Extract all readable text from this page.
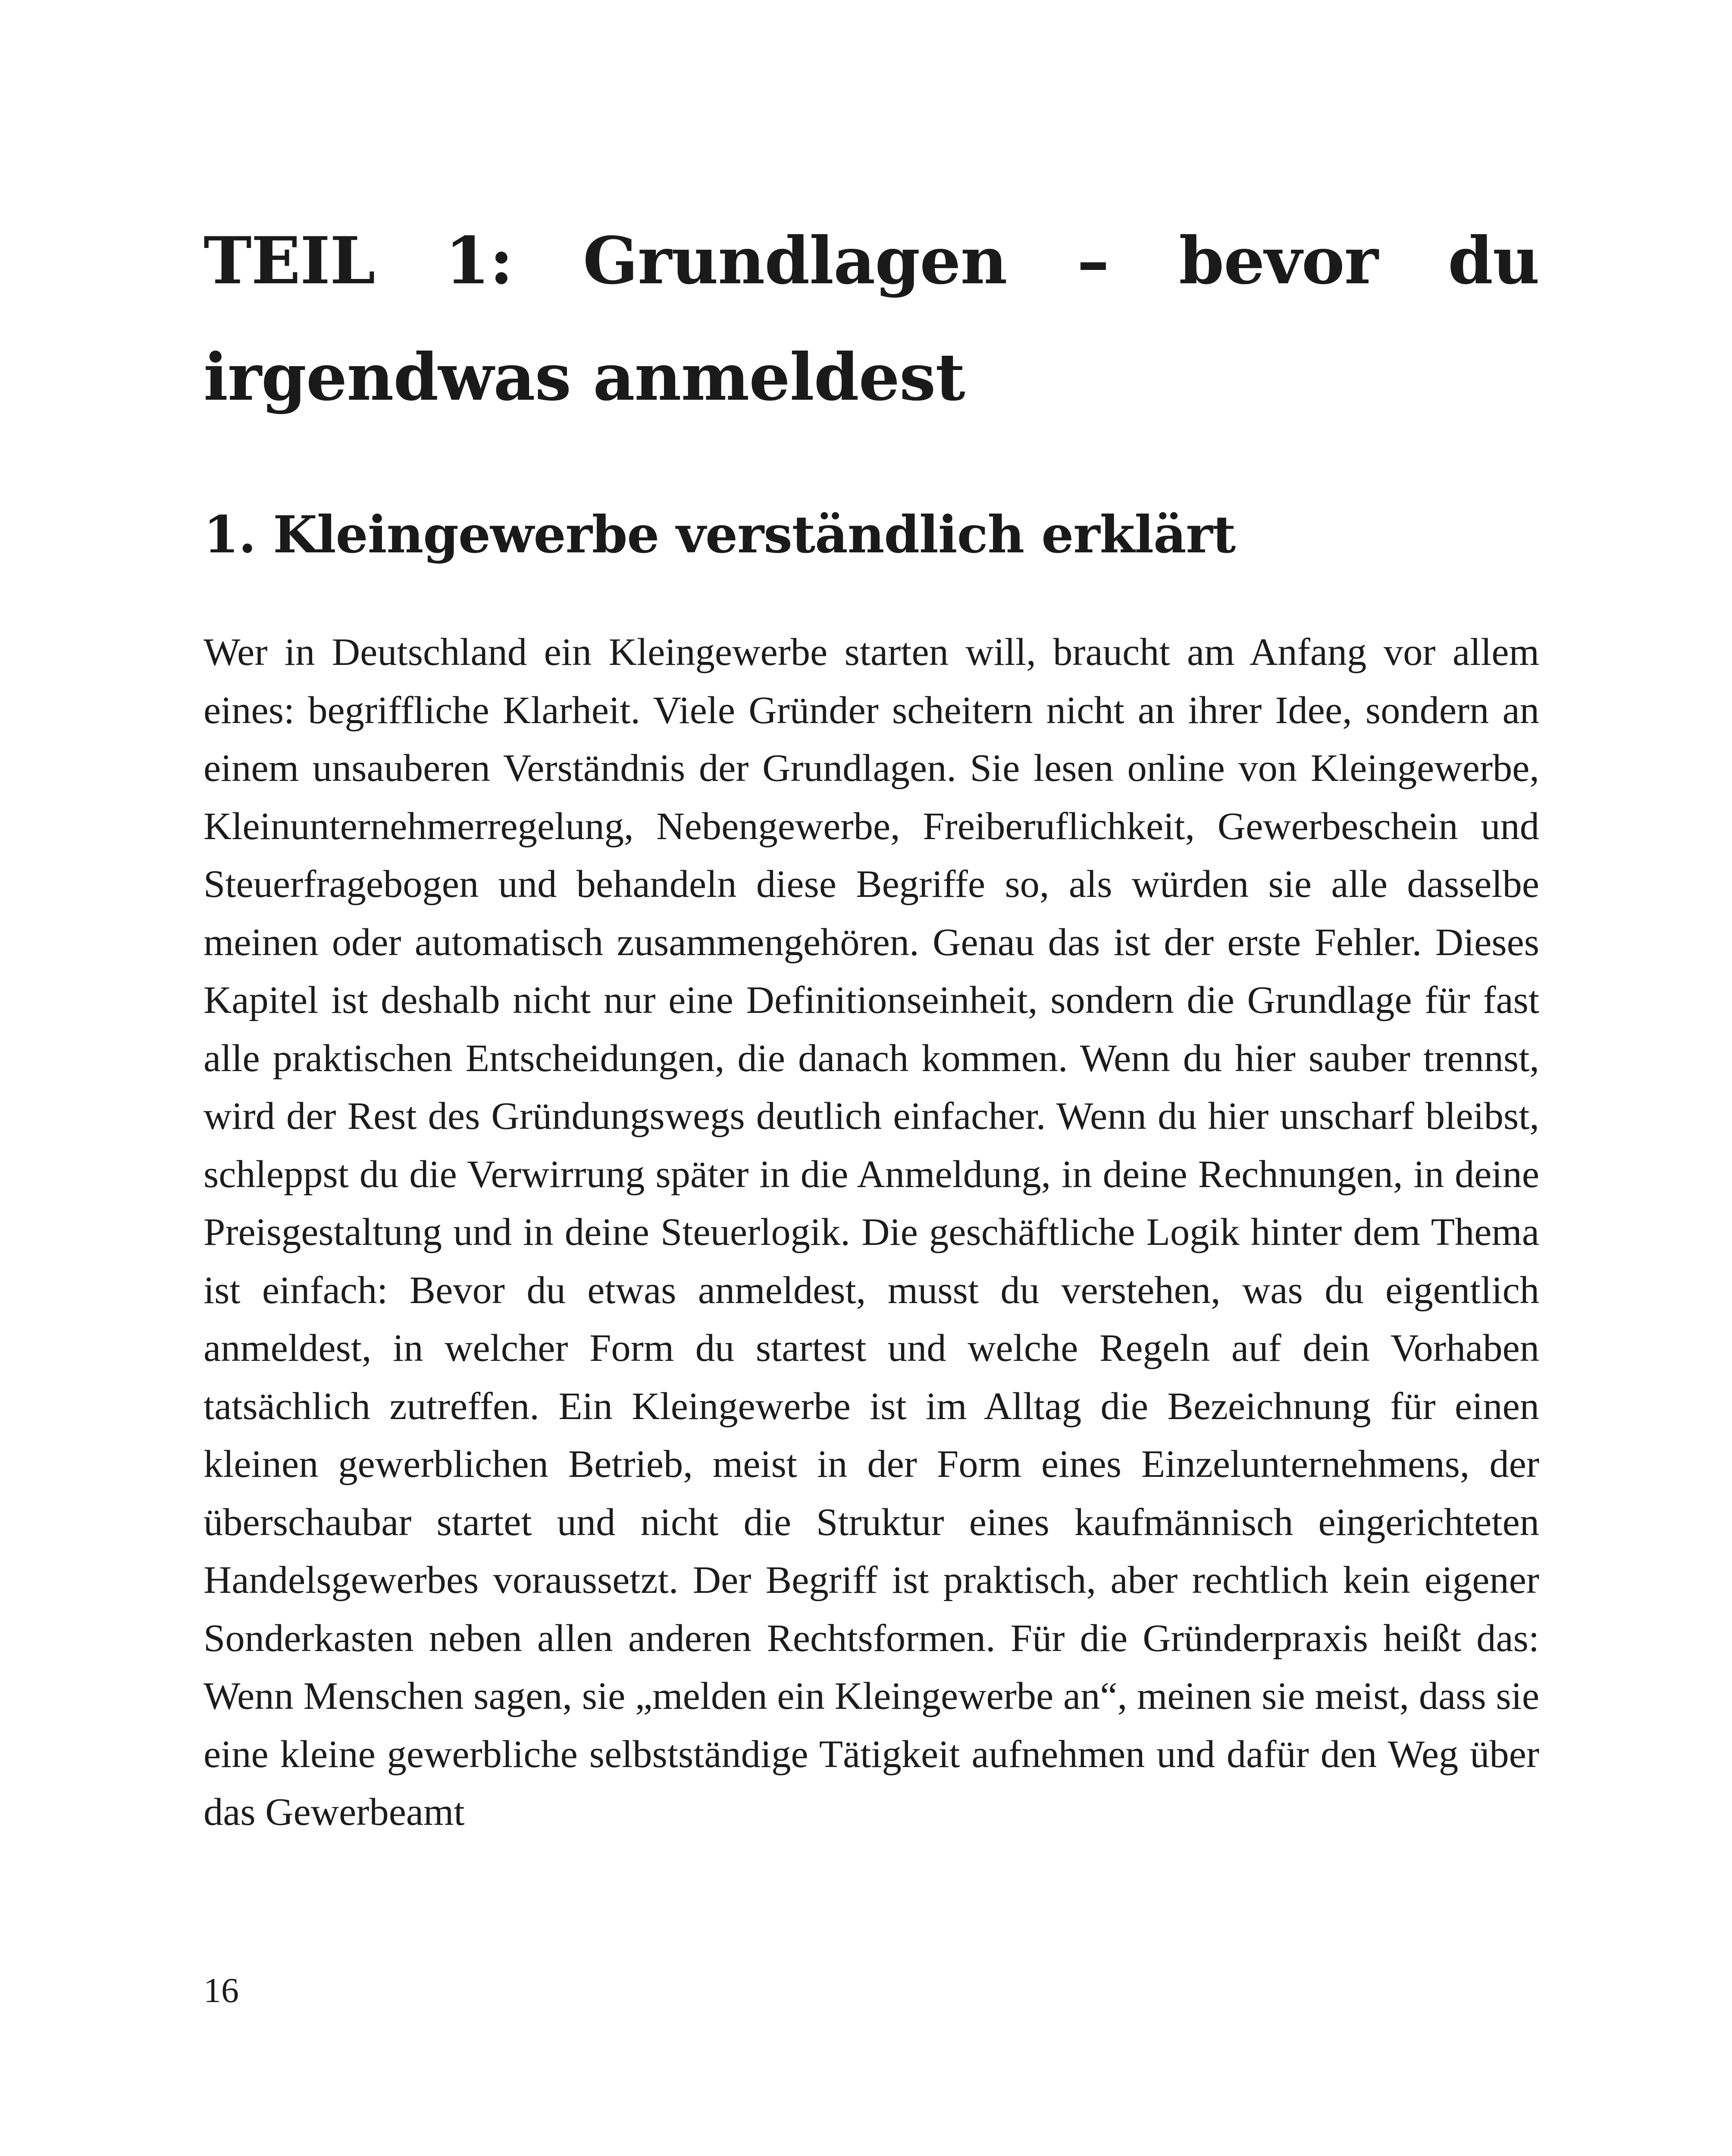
TEIL 1: Grundlagen – bevor du
irgendwas anmeldest
1. Kleingewerbe verständlich erklärt

Wer in Deutschland ein Kleingewerbe starten will, braucht am Anfang vor allem eines: begriffliche Klarheit. Viele Gründer scheitern nicht an ihrer Idee, sondern an einem unsauberen Verständnis der Grundlagen. Sie lesen online von Kleingewerbe, Kleinunternehmerregelung, Nebengewerbe, Freiberuflichkeit, Gewerbeschein und Steuerfragebogen und behandeln diese Begriffe so, als würden sie alle dasselbe meinen oder automatisch zusammengehören. Genau das ist der erste Fehler. Dieses Kapitel ist deshalb nicht nur eine Definitionseinheit, sondern die Grundlage für fast alle praktischen Entscheidungen, die danach kommen. Wenn du hier sauber trennst, wird der Rest des Gründungswegs deutlich einfacher. Wenn du hier unscharf bleibst, schleppst du die Verwirrung später in die Anmeldung, in deine Rechnungen, in deine Preisgestaltung und in deine Steuerlogik. Die geschäftliche Logik hinter dem Thema ist einfach: Bevor du etwas anmeldest, musst du verstehen, was du eigentlich anmeldest, in welcher Form du startest und welche Regeln auf dein Vorhaben tatsächlich zutreffen. Ein Kleingewerbe ist im Alltag die Bezeichnung für einen kleinen gewerblichen Betrieb, meist in der Form eines Einzelunternehmens, der überschaubar startet und nicht die Struktur eines kaufmännisch eingerichteten Handelsgewerbes voraussetzt. Der Begriff ist praktisch, aber rechtlich kein eigener Sonderkasten neben allen anderen Rechtsformen. Für die Gründerpraxis heißt das: Wenn Menschen sagen, sie „melden ein Kleingewerbe an“, meinen sie meist, dass sie eine kleine gewerbliche selbstständige Tätigkeit aufnehmen und dafür den Weg über das Gewerbeamt

16
